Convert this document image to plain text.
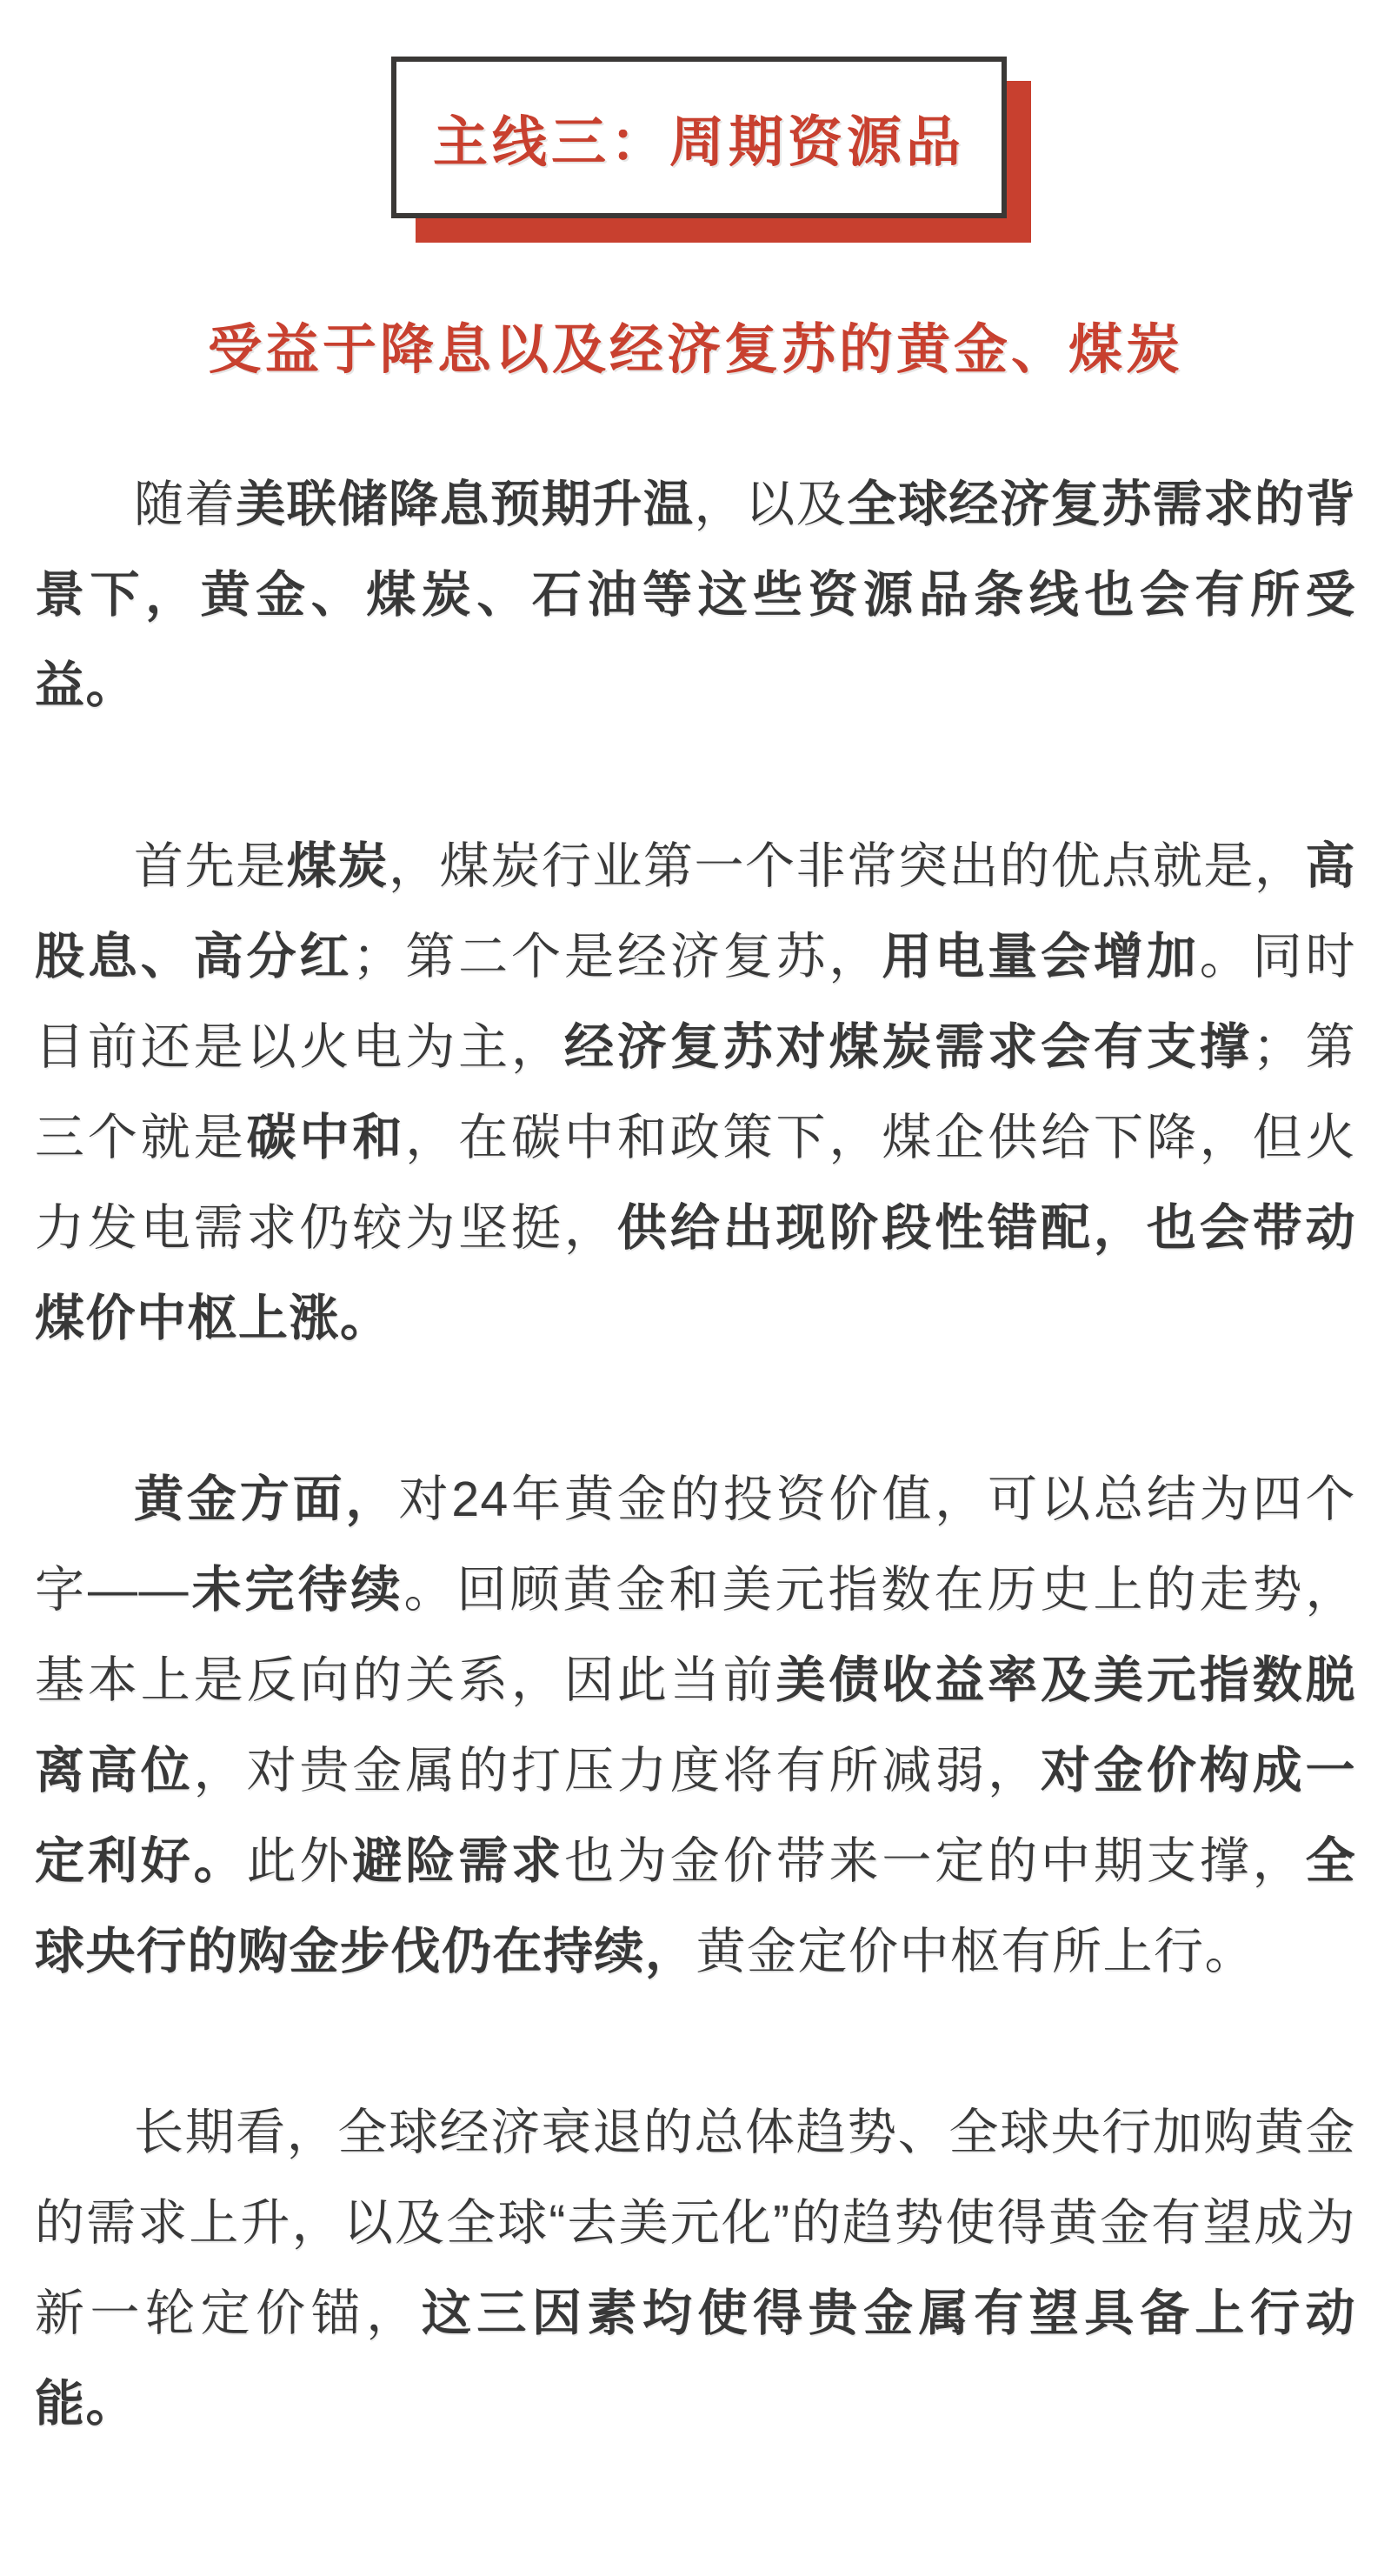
主线三：周期资源品
受益于降息以及经济复苏的黄金、煤炭

随着美联储降息预期升温，以及全球经济复苏需求的背景下，黄金、煤炭、石油等这些资源品条线也会有所受益。

首先是煤炭，煤炭行业第一个非常突出的优点就是，高股息、高分红；第二个是经济复苏，用电量会增加。同时目前还是以火电为主，经济复苏对煤炭需求会有支撑；第三个就是碳中和，在碳中和政策下，煤企供给下降，但火力发电需求仍较为坚挺，供给出现阶段性错配，也会带动煤价中枢上涨。

黄金方面，对24年黄金的投资价值，可以总结为四个字——未完待续。回顾黄金和美元指数在历史上的走势，基本上是反向的关系，因此当前美债收益率及美元指数脱离高位，对贵金属的打压力度将有所减弱，对金价构成一定利好。此外避险需求也为金价带来一定的中期支撑，全球央行的购金步伐仍在持续，黄金定价中枢有所上行。

长期看，全球经济衰退的总体趋势、全球央行加购黄金的需求上升，以及全球“去美元化”的趋势使得黄金有望成为新一轮定价锚，这三因素均使得贵金属有望具备上行动能。
